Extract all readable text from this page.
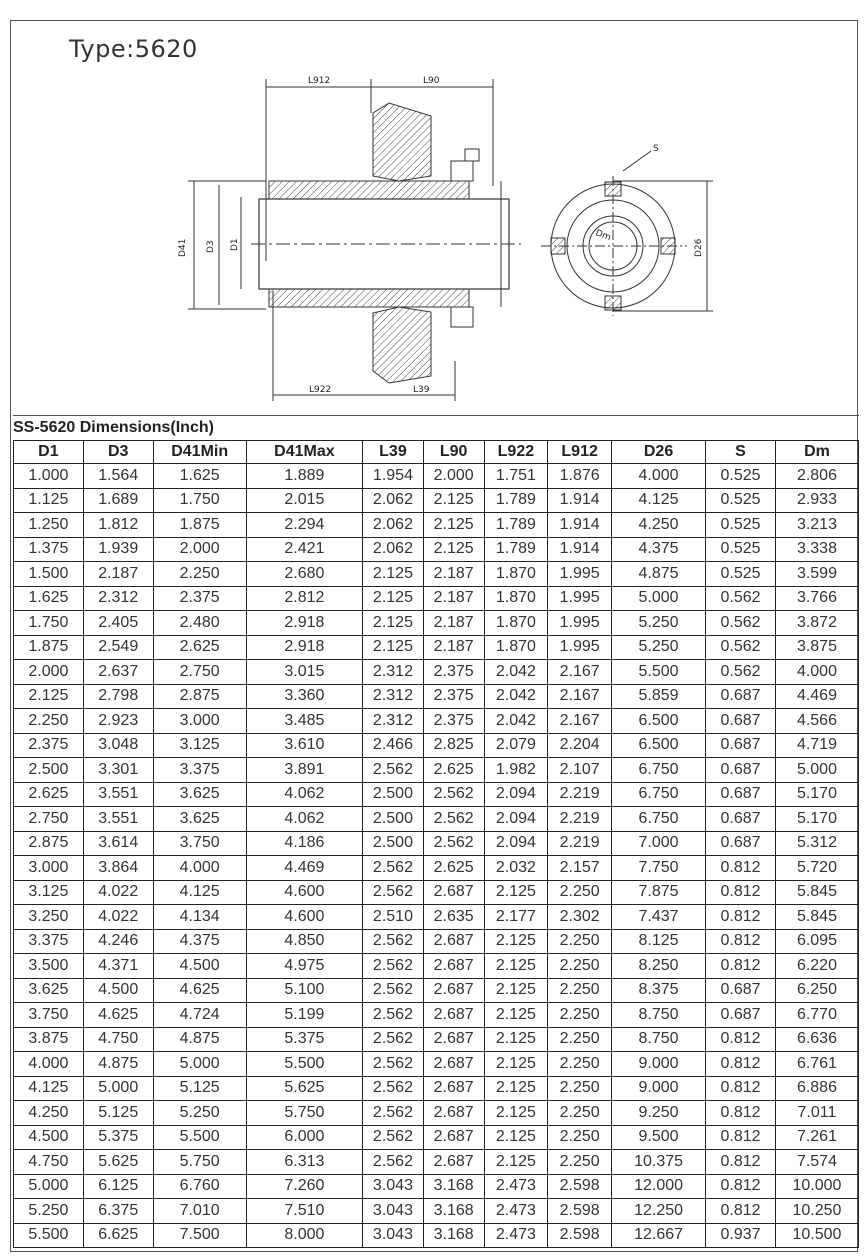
Type:5620
L912	L90
L922	L39
D41 D3 D1	D26
Dm
S
SS-5620 Dimensions(Inch)
D1	D3	D41Min	D41Max	L39	L90	L922	L912	D26	S	Dm
1.000	1.564	1.625	1.889	1.954	2.000	1.751	1.876	4.000	0.525	2.806
1.125	1.689	1.750	2.015	2.062	2.125	1.789	1.914	4.125	0.525	2.933
1.250	1.812	1.875	2.294	2.062	2.125	1.789	1.914	4.250	0.525	3.213
1.375	1.939	2.000	2.421	2.062	2.125	1.789	1.914	4.375	0.525	3.338
1.500	2.187	2.250	2.680	2.125	2.187	1.870	1.995	4.875	0.525	3.599
1.625	2.312	2.375	2.812	2.125	2.187	1.870	1.995	5.000	0.562	3.766
1.750	2.405	2.480	2.918	2.125	2.187	1.870	1.995	5.250	0.562	3.872
1.875	2.549	2.625	2.918	2.125	2.187	1.870	1.995	5.250	0.562	3.875
2.000	2.637	2.750	3.015	2.312	2.375	2.042	2.167	5.500	0.562	4.000
2.125	2.798	2.875	3.360	2.312	2.375	2.042	2.167	5.859	0.687	4.469
2.250	2.923	3.000	3.485	2.312	2.375	2.042	2.167	6.500	0.687	4.566
2.375	3.048	3.125	3.610	2.466	2.825	2.079	2.204	6.500	0.687	4.719
2.500	3.301	3.375	3.891	2.562	2.625	1.982	2.107	6.750	0.687	5.000
2.625	3.551	3.625	4.062	2.500	2.562	2.094	2.219	6.750	0.687	5.170
2.750	3.551	3.625	4.062	2.500	2.562	2.094	2.219	6.750	0.687	5.170
2.875	3.614	3.750	4.186	2.500	2.562	2.094	2.219	7.000	0.687	5.312
3.000	3.864	4.000	4.469	2.562	2.625	2.032	2.157	7.750	0.812	5.720
3.125	4.022	4.125	4.600	2.562	2.687	2.125	2.250	7.875	0.812	5.845
3.250	4.022	4.134	4.600	2.510	2.635	2.177	2.302	7.437	0.812	5.845
3.375	4.246	4.375	4.850	2.562	2.687	2.125	2.250	8.125	0.812	6.095
3.500	4.371	4.500	4.975	2.562	2.687	2.125	2.250	8.250	0.812	6.220
3.625	4.500	4.625	5.100	2.562	2.687	2.125	2.250	8.375	0.687	6.250
3.750	4.625	4.724	5.199	2.562	2.687	2.125	2.250	8.750	0.687	6.770
3.875	4.750	4.875	5.375	2.562	2.687	2.125	2.250	8.750	0.812	6.636
4.000	4.875	5.000	5.500	2.562	2.687	2.125	2.250	9.000	0.812	6.761
4.125	5.000	5.125	5.625	2.562	2.687	2.125	2.250	9.000	0.812	6.886
4.250	5.125	5.250	5.750	2.562	2.687	2.125	2.250	9.250	0.812	7.011
4.500	5.375	5.500	6.000	2.562	2.687	2.125	2.250	9.500	0.812	7.261
4.750	5.625	5.750	6.313	2.562	2.687	2.125	2.250	10.375	0.812	7.574
5.000	6.125	6.760	7.260	3.043	3.168	2.473	2.598	12.000	0.812	10.000
5.250	6.375	7.010	7.510	3.043	3.168	2.473	2.598	12.250	0.812	10.250
5.500	6.625	7.500	8.000	3.043	3.168	2.473	2.598	12.667	0.937	10.500
